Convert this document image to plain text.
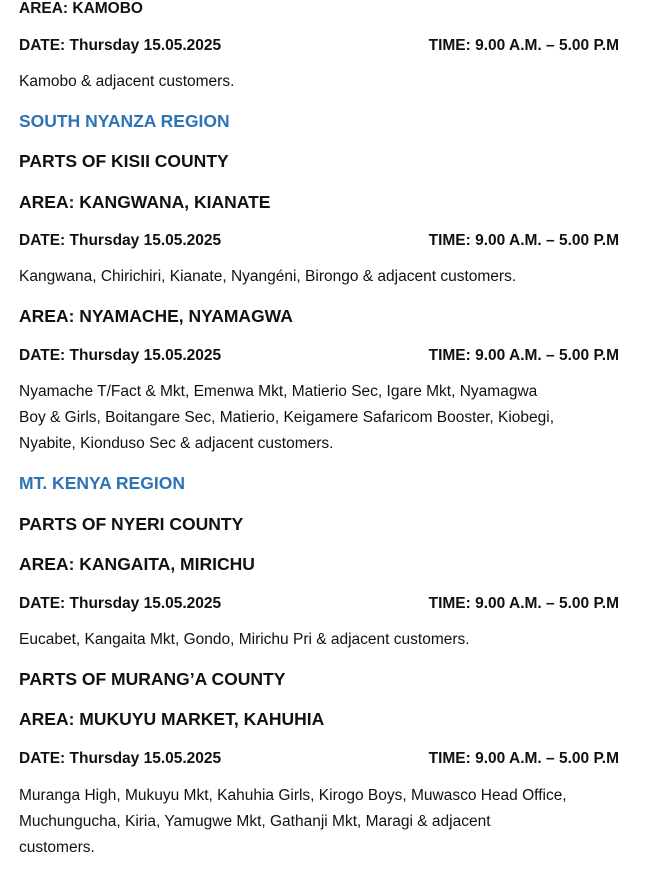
AREA: KAMOBO
DATE: Thursday 15.05.2025	TIME: 9.00 A.M. – 5.00 P.M
Kamobo & adjacent customers.
SOUTH NYANZA REGION
PARTS OF KISII COUNTY
AREA: KANGWANA, KIANATE
DATE: Thursday 15.05.2025	TIME: 9.00 A.M. – 5.00 P.M
Kangwana, Chirichiri, Kianate, Nyangéni, Birongo & adjacent customers.
AREA: NYAMACHE, NYAMAGWA
DATE: Thursday 15.05.2025	TIME: 9.00 A.M. – 5.00 P.M
Nyamache T/Fact & Mkt, Emenwa Mkt, Matierio Sec, Igare Mkt, Nyamagwa
Boy & Girls, Boitangare Sec, Matierio, Keigamere Safaricom Booster, Kiobegi,
Nyabite, Kionduso Sec & adjacent customers.
MT. KENYA REGION
PARTS OF NYERI COUNTY
AREA: KANGAITA, MIRICHU
DATE: Thursday 15.05.2025	TIME: 9.00 A.M. – 5.00 P.M
Eucabet, Kangaita Mkt, Gondo, Mirichu Pri & adjacent customers.
PARTS OF MURANG’A COUNTY
AREA: MUKUYU MARKET, KAHUHIA
DATE: Thursday 15.05.2025	TIME: 9.00 A.M. – 5.00 P.M
Muranga High, Mukuyu Mkt, Kahuhia Girls, Kirogo Boys, Muwasco Head Office,
Muchungucha, Kiria, Yamugwe Mkt, Gathanji Mkt, Maragi & adjacent
customers.
